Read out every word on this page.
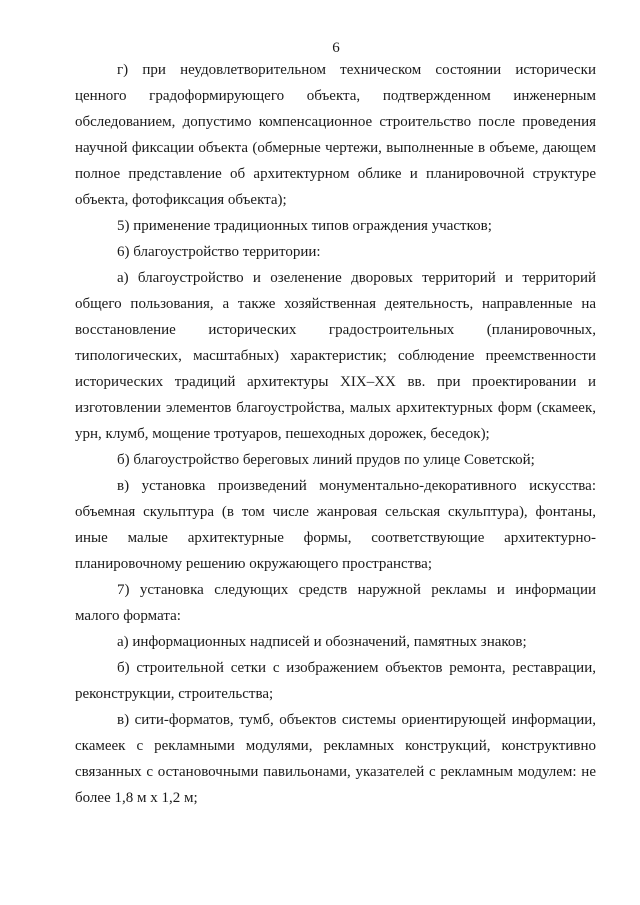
6

г) при неудовлетворительном техническом состоянии исторически ценного градоформирующего объекта, подтвержденном инженерным обследованием, допустимо компенсационное строительство после проведения научной фиксации объекта (обмерные чертежи, выполненные в объеме, дающем полное представление об архитектурном облике и планировочной структуре объекта, фотофиксация объекта);

5) применение традиционных типов ограждения участков;

6) благоустройство территории:

а) благоустройство и озеленение дворовых территорий и территорий общего пользования, а также хозяйственная деятельность, направленные на восстановление исторических градостроительных (планировочных, типологических, масштабных) характеристик; соблюдение преемственности исторических традиций архитектуры XIX–XX вв. при проектировании и изготовлении элементов благоустройства, малых архитектурных форм (скамеек, урн, клумб, мощение тротуаров, пешеходных дорожек, беседок);

б) благоустройство береговых линий прудов по улице Советской;

в) установка произведений монументально-декоративного искусства: объемная скульптура (в том числе жанровая сельская скульптура), фонтаны, иные малые архитектурные формы, соответствующие архитектурно-планировочному решению окружающего пространства;

7) установка следующих средств наружной рекламы и информации малого формата:

а) информационных надписей и обозначений, памятных знаков;

б) строительной сетки с изображением объектов ремонта, реставрации, реконструкции, строительства;

в) сити-форматов, тумб, объектов системы ориентирующей информации, скамеек с рекламными модулями, рекламных конструкций, конструктивно связанных с остановочными павильонами, указателей с рекламным модулем: не более 1,8 м х 1,2 м;
